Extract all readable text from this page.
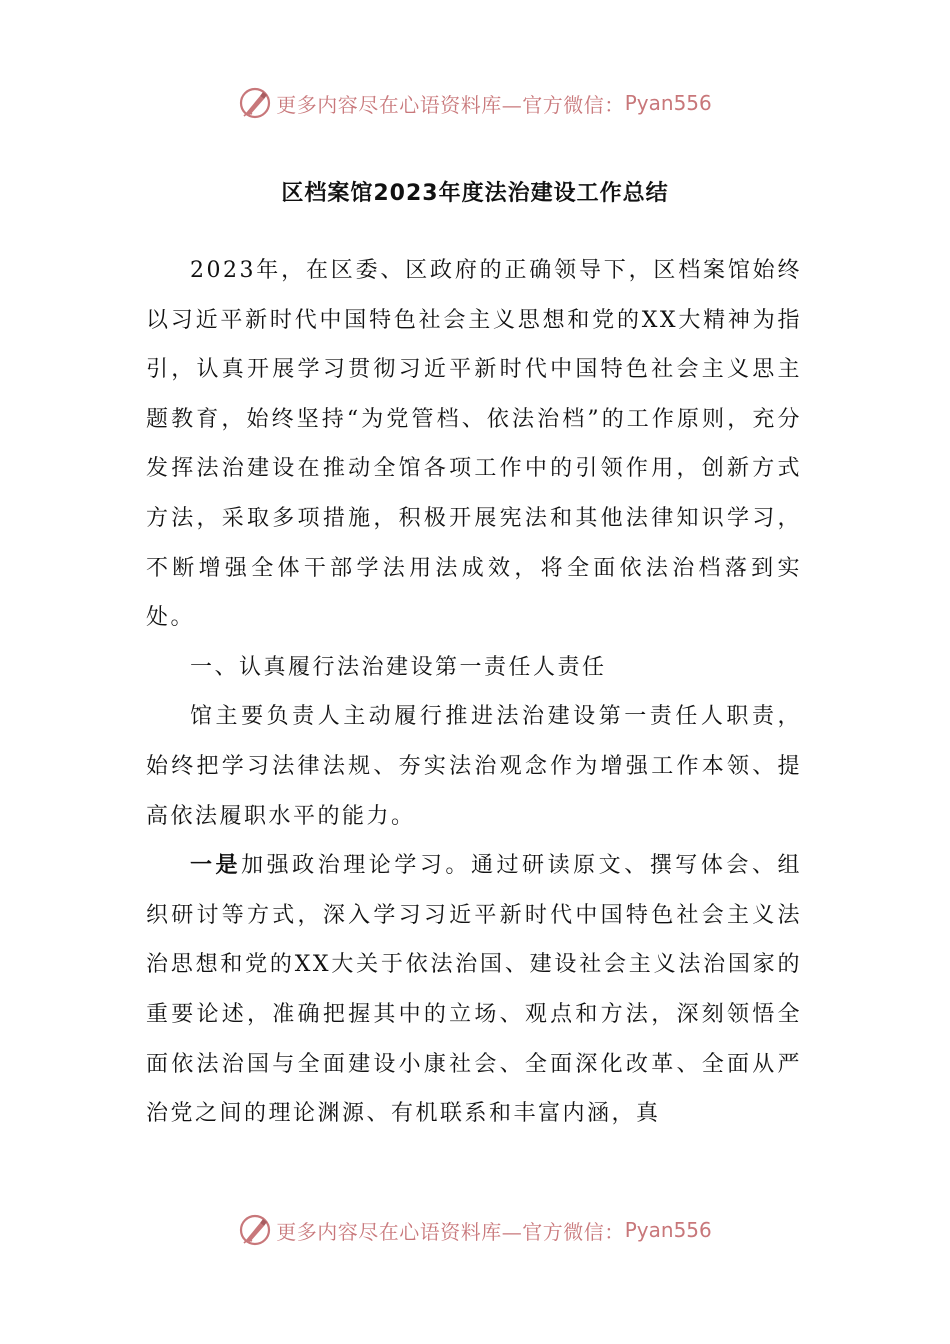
更多内容尽在心语资料库—官方微信： Pyan556
区档案馆2023年度法治建设工作总结

2023年，在区委、区政府的正确领导下，区档案馆始终以习近平新时代中国特色社会主义思想和党的XX大精神为指引，认真开展学习贯彻习近平新时代中国特色社会主义思主题教育，始终坚持“为党管档、依法治档”的工作原则，充分发挥法治建设在推动全馆各项工作中的引领作用，创新方式方法，采取多项措施，积极开展宪法和其他法律知识学习，不断增强全体干部学法用法成效，将全面依法治档落到实处。

一、认真履行法治建设第一责任人责任

馆主要负责人主动履行推进法治建设第一责任人职责，始终把学习法律法规、夯实法治观念作为增强工作本领、提高依法履职水平的能力。

一是加强政治理论学习。通过研读原文、撰写体会、组织研讨等方式，深入学习习近平新时代中国特色社会主义法治思想和党的XX大关于依法治国、建设社会主义法治国家的重要论述，准确把握其中的立场、观点和方法，深刻领悟全面依法治国与全面建设小康社会、全面深化改革、全面从严治党之间的理论渊源、有机联系和丰富内涵，真

更多内容尽在心语资料库—官方微信： Pyan556
